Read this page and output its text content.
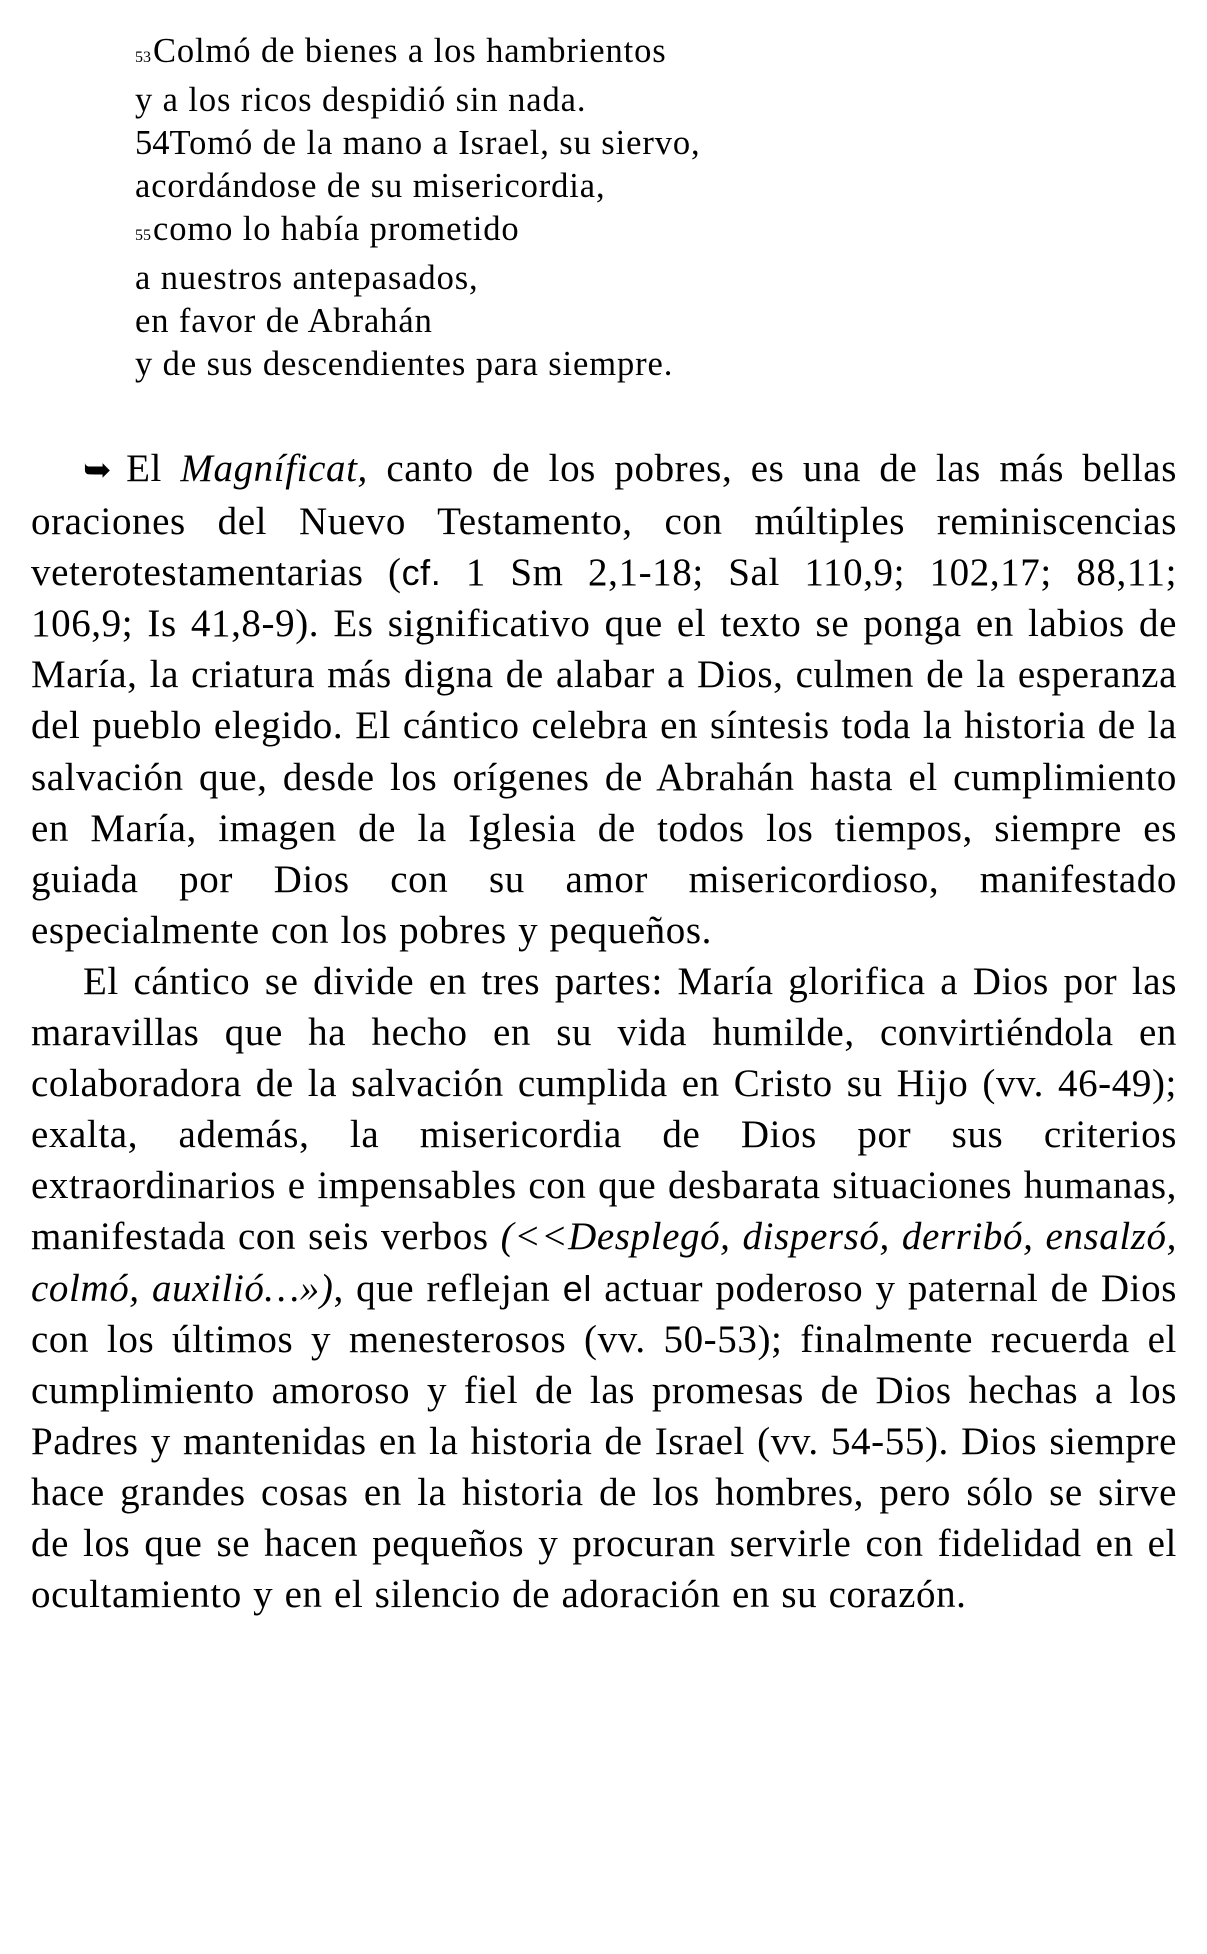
53Colmó de bienes a los hambrientos
y a los ricos despidió sin nada.
54Tomó de la mano a Israel, su siervo,
acordándose de su misericordia,
55como lo había prometido
a nuestros antepasados,
en favor de Abrahán
y de sus descendientes para siempre.

➥ El Magníficat, canto de los pobres, es una de las más bellas oraciones del Nuevo Testamento, con múltiples reminiscencias veterotestamentarias (cf. 1 Sm 2,1-18; Sal 110,9; 102,17; 88,11; 106,9; Is 41,8-9). Es significativo que el texto se ponga en labios de María, la criatura más digna de alabar a Dios, culmen de la esperanza del pueblo elegido. El cántico celebra en síntesis toda la historia de la salvación que, desde los orígenes de Abrahán hasta el cumplimiento en María, imagen de la Iglesia de todos los tiempos, siempre es guiada por Dios con su amor misericordioso, manifestado especialmente con los pobres y pequeños.

El cántico se divide en tres partes: María glorifica a Dios por las maravillas que ha hecho en su vida humilde, convirtiéndola en colaboradora de la salvación cumplida en Cristo su Hijo (vv. 46-49); exalta, además, la misericordia de Dios por sus criterios extraordinarios e impensables con que desbarata situaciones humanas, manifestada con seis verbos (<<Desplegó, dispersó, derribó, ensalzó, colmó, auxilió…»), que reflejan el actuar poderoso y paternal de Dios con los últimos y menesterosos (vv. 50-53); finalmente recuerda el cumplimiento amoroso y fiel de las promesas de Dios hechas a los Padres y mantenidas en la historia de Israel (vv. 54-55). Dios siempre hace grandes cosas en la historia de los hombres, pero sólo se sirve de los que se hacen pequeños y procuran servirle con fidelidad en el ocultamiento y en el silencio de adoración en su corazón.
